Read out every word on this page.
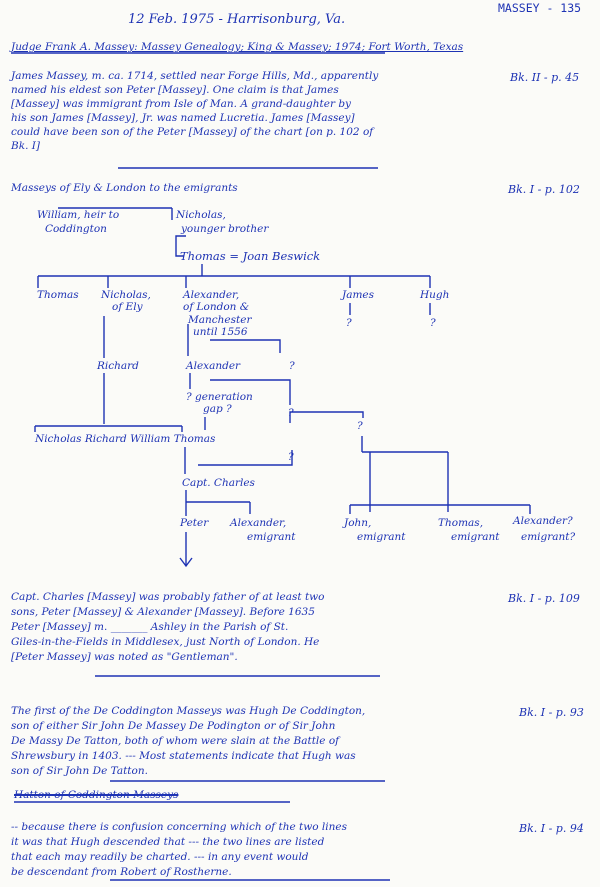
12 Feb. 1975 - Harrisonburg, Va.
MASSEY - 135
Judge Frank A. Massey: Massey Genealogy; King & Massey; 1974; Fort Worth, Texas
James Massey, m. ca. 1714, settled near Forge Hills, Md., apparently
named his eldest son Peter [Massey]. One claim is that James
[Massey] was immigrant from Isle of Man. A grand-daughter by
his son James [Massey], Jr. was named Lucretia. James [Massey]
could have been son of the Peter [Massey] of the chart [on p. 102 of
Bk. I]
Bk. II - p. 45
Masseys of Ely & London to the emigrants	Bk. I - p. 102
William, heir to
Coddington
Nicholas,
younger brother
Thomas = Joan Beswick
Thomas Nicholas,
of Ely
Alexander,
of London &
Manchester
until 1556
James	Hugh
?	?
Richard	Alexander	?
? generation
gap ?	?
?
Nicholas Richard William Thomas
?
Capt. Charles
Peter Alexander,
emigrant
John,
emigrant
Thomas,
emigrant
Alexander?
emigrant?
Capt. Charles [Massey] was probably father of at least two
sons, Peter [Massey] & Alexander [Massey]. Before 1635
Peter [Massey] m. _______ Ashley in the Parish of St.
Giles-in-the-Fields in Middlesex, just North of London. He
[Peter Massey] was noted as "Gentleman".
Bk. I - p. 109
The first of the De Coddington Masseys was Hugh De Coddington,
son of either Sir John De Massey De Podington or of Sir John
De Massy De Tatton, both of whom were slain at the Battle of
Shrewsbury in 1403. --- Most statements indicate that Hugh was
son of Sir John De Tatton.
Bk. I - p. 93
Hatton of Coddington Masseys
-- because there is confusion concerning which of the two lines
it was that Hugh descended that --- the two lines are listed
that each may readily be charted. --- in any event would
be descendant from Robert of Rostherne.
Bk. I - p. 94
